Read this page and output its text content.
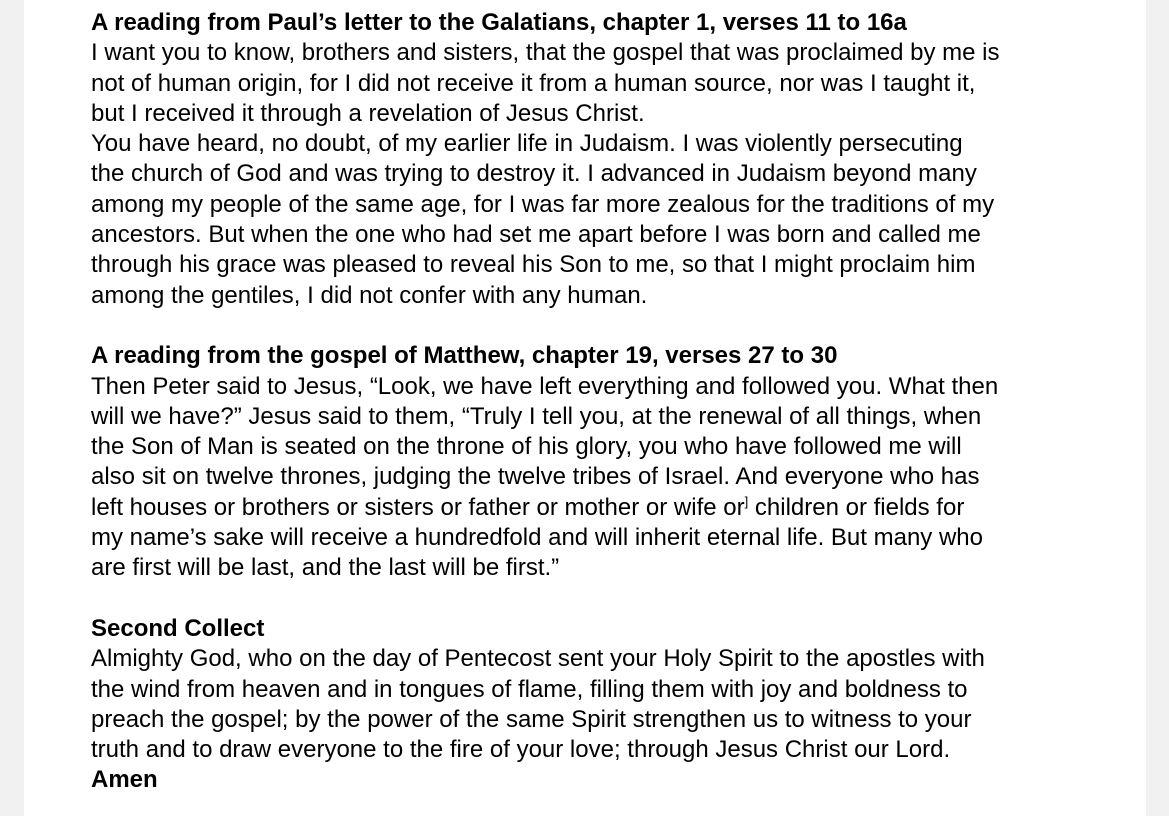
A reading from Paul’s letter to the Galatians, chapter 1, verses 11 to 16a
I want you to know, brothers and sisters, that the gospel that was proclaimed by me is
not of human origin, for I did not receive it from a human source, nor was I taught it,
but I received it through a revelation of Jesus Christ.
You have heard, no doubt, of my earlier life in Judaism. I was violently persecuting
the church of God and was trying to destroy it. I advanced in Judaism beyond many
among my people of the same age, for I was far more zealous for the traditions of my
ancestors. But when the one who had set me apart before I was born and called me
through his grace was pleased to reveal his Son to me, so that I might proclaim him
among the gentiles, I did not confer with any human.
A reading from the gospel of Matthew, chapter 19, verses 27 to 30
Then Peter said to Jesus, “Look, we have left everything and followed you. What then
will we have?” Jesus said to them, “Truly I tell you, at the renewal of all things, when
the Son of Man is seated on the throne of his glory, you who have followed me will
also sit on twelve thrones, judging the twelve tribes of Israel. And everyone who has
left houses or brothers or sisters or father or mother or wife or] children or fields for
my name’s sake will receive a hundredfold and will inherit eternal life. But many who
are first will be last, and the last will be first.”
Second Collect
Almighty God, who on the day of Pentecost sent your Holy Spirit to the apostles with
the wind from heaven and in tongues of flame, filling them with joy and boldness to
preach the gospel; by the power of the same Spirit strengthen us to witness to your
truth and to draw everyone to the fire of your love; through Jesus Christ our Lord.
Amen
